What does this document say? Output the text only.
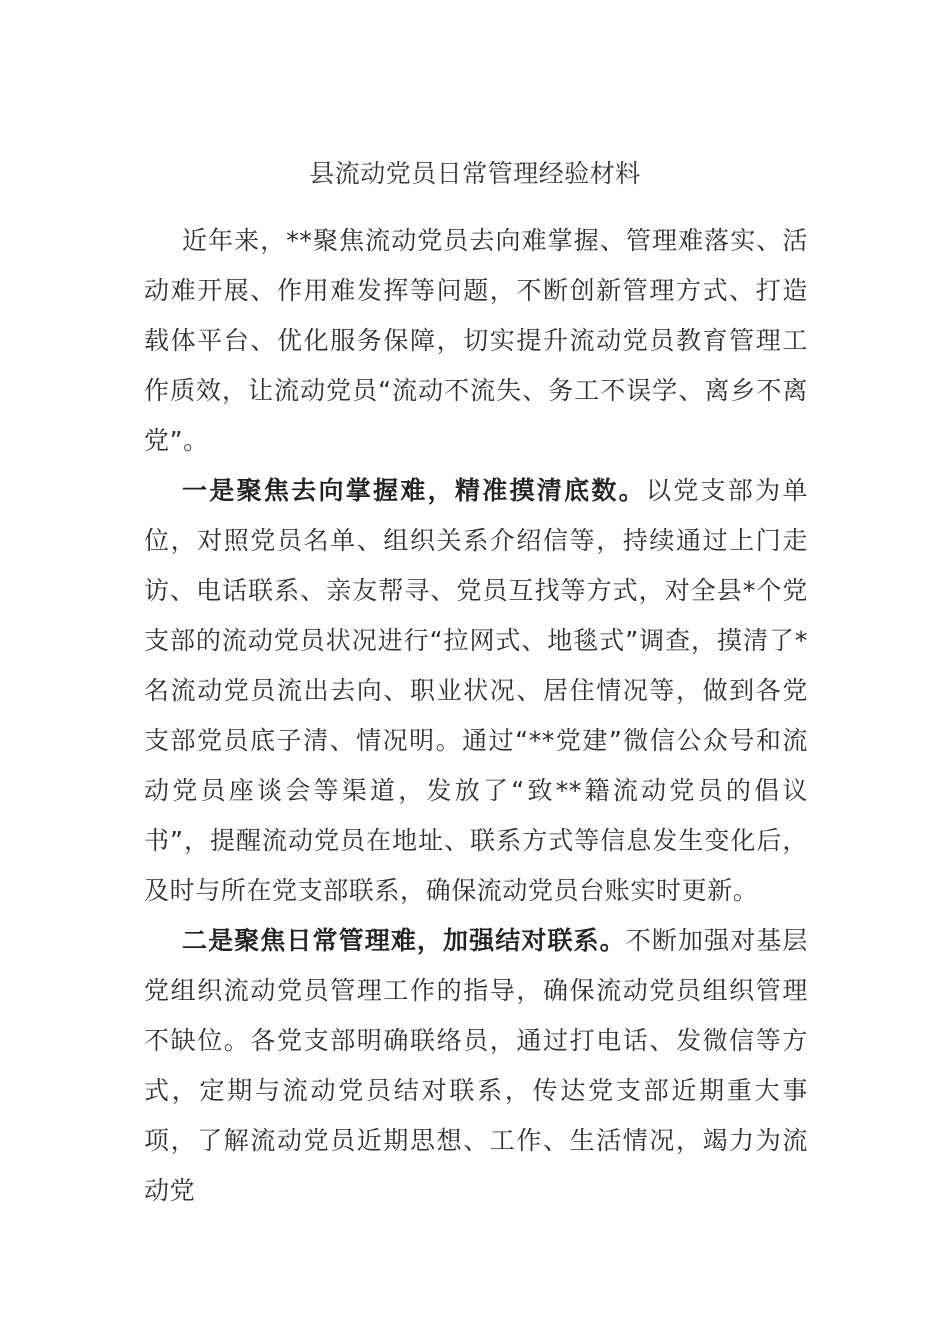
县流动党员日常管理经验材料

近年来，**聚焦流动党员去向难掌握、管理难落实、活动难开展、作用难发挥等问题，不断创新管理方式、打造载体平台、优化服务保障，切实提升流动党员教育管理工作质效，让流动党员“流动不流失、务工不误学、离乡不离党”。

一是聚焦去向掌握难，精准摸清底数。以党支部为单位，对照党员名单、组织关系介绍信等，持续通过上门走访、电话联系、亲友帮寻、党员互找等方式，对全县*个党支部的流动党员状况进行“拉网式、地毯式”调查，摸清了*名流动党员流出去向、职业状况、居住情况等，做到各党支部党员底子清、情况明。通过“**党建”微信公众号和流动党员座谈会等渠道，发放了“致**籍流动党员的倡议书”，提醒流动党员在地址、联系方式等信息发生变化后，及时与所在党支部联系，确保流动党员台账实时更新。

二是聚焦日常管理难，加强结对联系。不断加强对基层党组织流动党员管理工作的指导，确保流动党员组织管理不缺位。各党支部明确联络员，通过打电话、发微信等方式，定期与流动党员结对联系，传达党支部近期重大事项，了解流动党员近期思想、工作、生活情况，竭力为流动党
